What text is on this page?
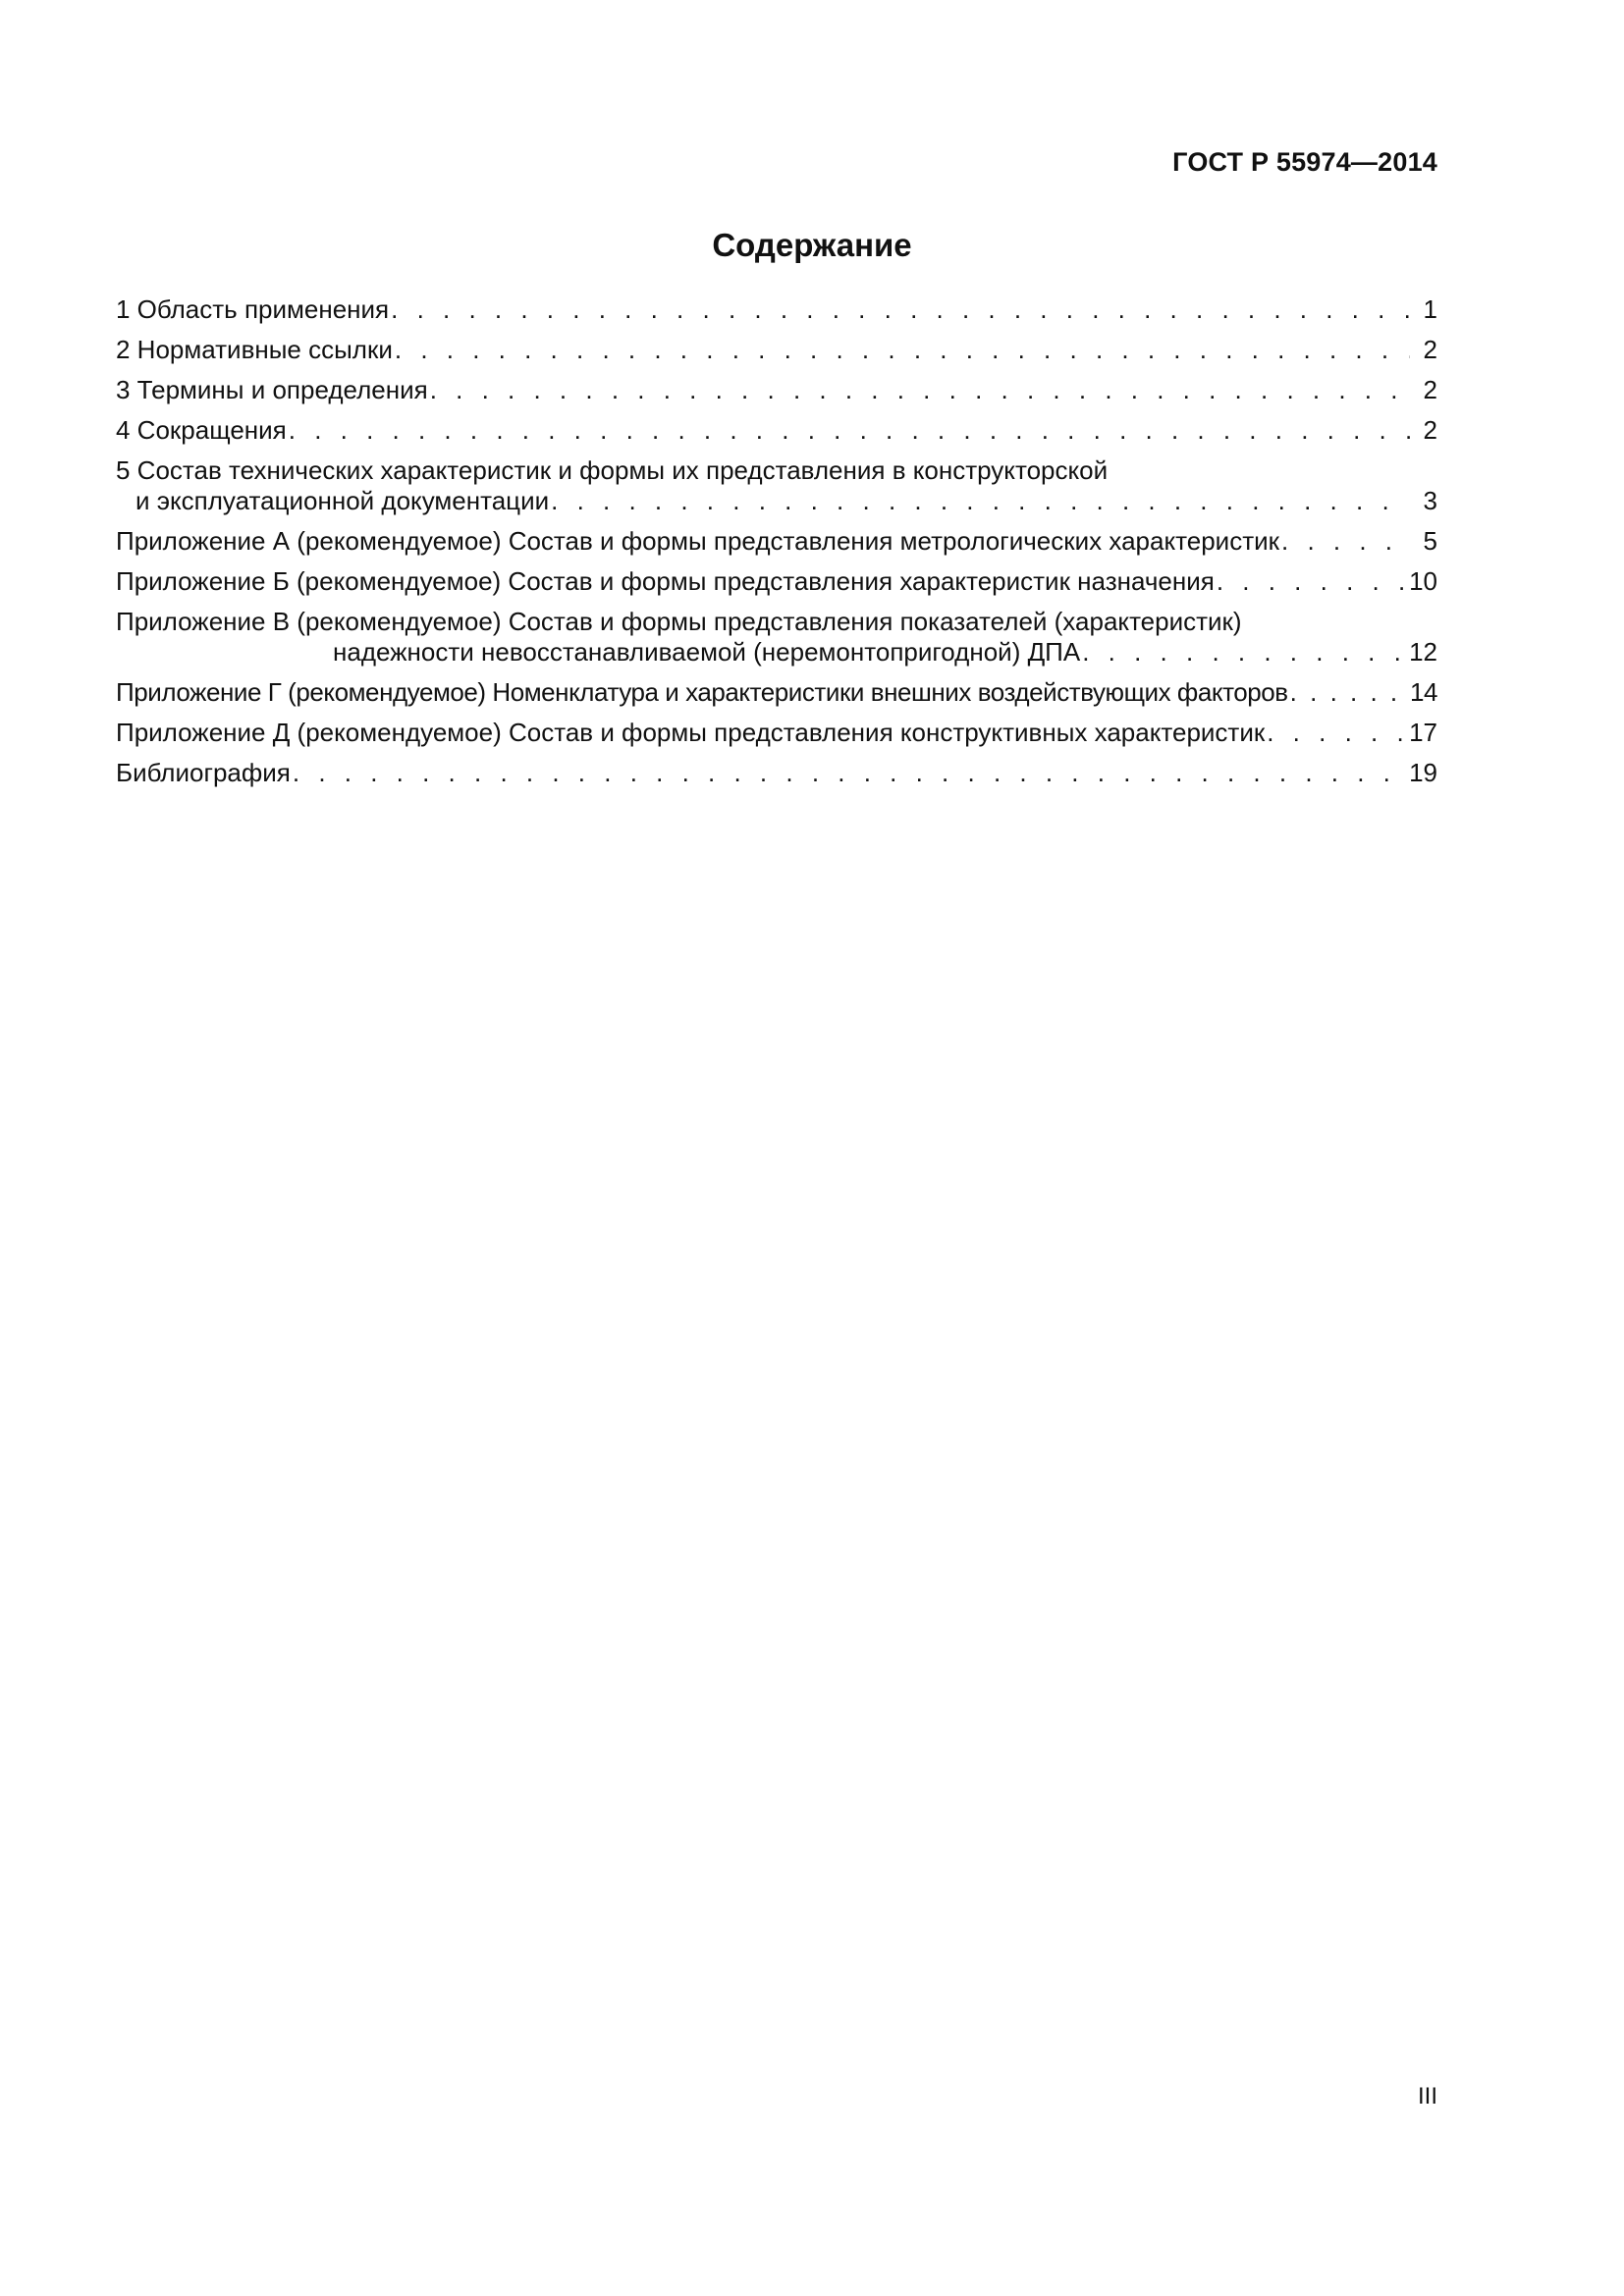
ГОСТ Р 55974—2014
Содержание
1 Область применения . . .	1
2 Нормативные ссылки . . .	2
3 Термины и определения . . .	2
4 Сокращения . . .	2
5 Состав технических характеристик и формы их представления в конструкторской
и эксплуатационной документации . . .	3
Приложение А (рекомендуемое) Состав и формы представления метрологических характеристик . . .	5
Приложение Б (рекомендуемое) Состав и формы представления характеристик назначения . . .	10
Приложение В (рекомендуемое) Состав и формы представления показателей (характеристик)
надежности невосстанавливаемой (неремонтопригодной) ДПА . . .	12
Приложение Г (рекомендуемое) Номенклатура и характеристики внешних воздействующих факторов . . .	14
Приложение Д (рекомендуемое) Состав и формы представления конструктивных характеристик . . .	17
Библиография . . .	19
III
